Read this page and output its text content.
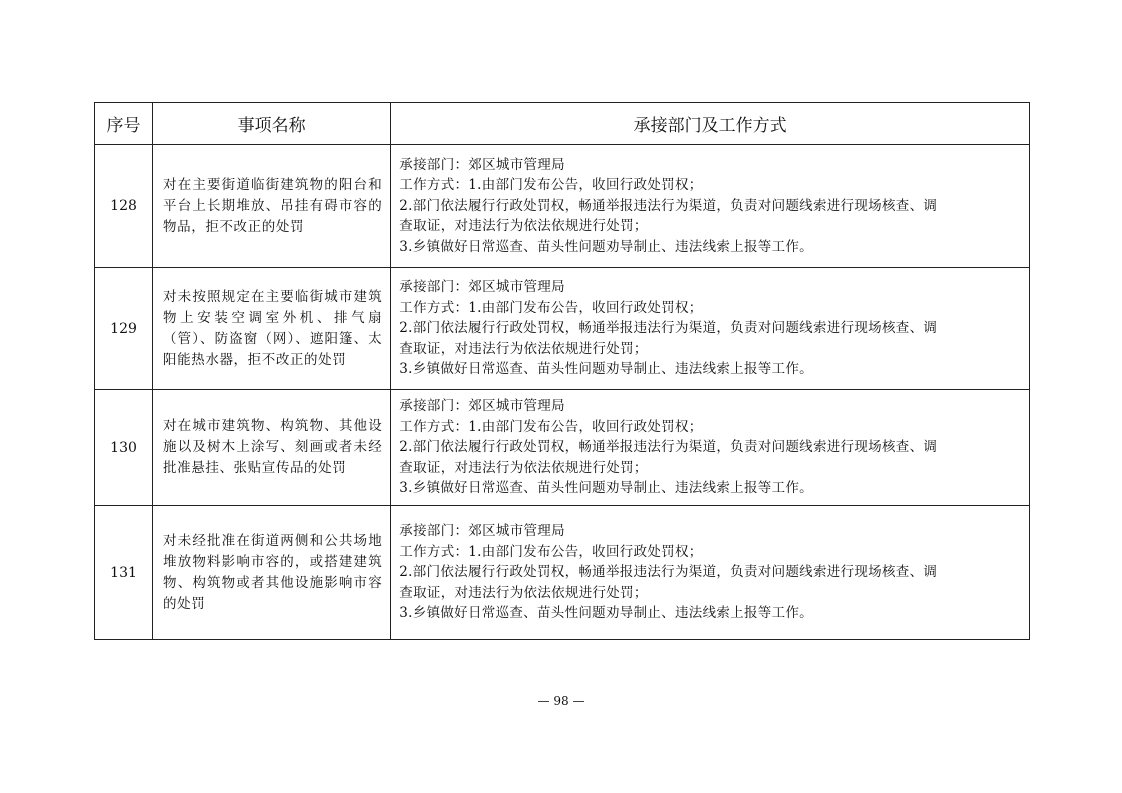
序号	事项名称	承接部门及工作方式
128	对在主要街道临街建筑物的阳台和平台上长期堆放、吊挂有碍市容的物品，拒不改正的处罚	承接部门：郊区城市管理局
工作方式：1.由部门发布公告，收回行政处罚权；
2.部门依法履行行政处罚权，畅通举报违法行为渠道，负责对问题线索进行现场核查、调
查取证，对违法行为依法依规进行处罚；
3.乡镇做好日常巡查、苗头性问题劝导制止、违法线索上报等工作。

129	对未按照规定在主要临街城市建筑物上安装空调室外机、排气扇（管）、防盗窗（网）、遮阳篷、太阳能热水器，拒不改正的处罚	承接部门：郊区城市管理局
工作方式：1.由部门发布公告，收回行政处罚权；
2.部门依法履行行政处罚权，畅通举报违法行为渠道，负责对问题线索进行现场核查、调
查取证，对违法行为依法依规进行处罚；
3.乡镇做好日常巡查、苗头性问题劝导制止、违法线索上报等工作。

130	对在城市建筑物、构筑物、其他设施以及树木上涂写、刻画或者未经批准悬挂、张贴宣传品的处罚	承接部门：郊区城市管理局
工作方式：1.由部门发布公告，收回行政处罚权；
2.部门依法履行行政处罚权，畅通举报违法行为渠道，负责对问题线索进行现场核查、调
查取证，对违法行为依法依规进行处罚；
3.乡镇做好日常巡查、苗头性问题劝导制止、违法线索上报等工作。

131	对未经批准在街道两侧和公共场地堆放物料影响市容的，或搭建建筑物、构筑物或者其他设施影响市容的处罚	承接部门：郊区城市管理局
工作方式：1.由部门发布公告，收回行政处罚权；
2.部门依法履行行政处罚权，畅通举报违法行为渠道，负责对问题线索进行现场核查、调
查取证，对违法行为依法依规进行处罚；
3.乡镇做好日常巡查、苗头性问题劝导制止、违法线索上报等工作。
— 98 —
